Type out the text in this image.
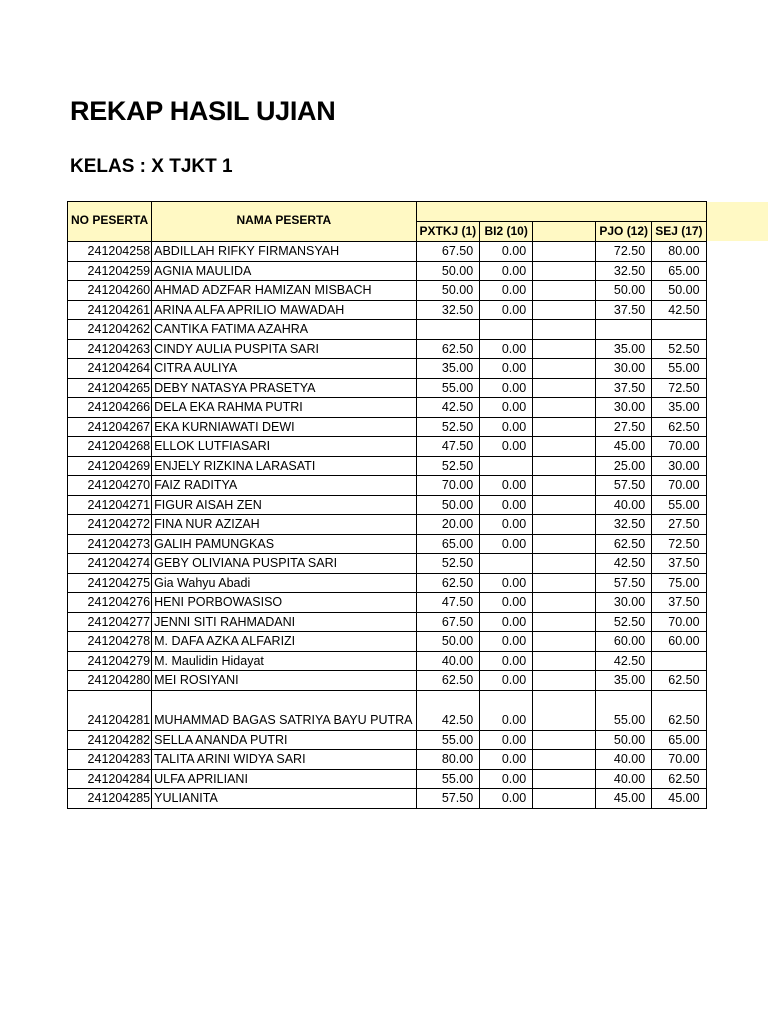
REKAP HASIL UJIAN
KELAS : X TJKT 1
NO PESERTA	NAMA PESERTA					
		PXTKJ (1)	BI2 (10)		PJO (12)	SEJ (17)
241204258	ABDILLAH RIFKY FIRMANSYAH	67.50	0.00		72.50	80.00
241204259	AGNIA MAULIDA	50.00	0.00		32.50	65.00
241204260	AHMAD ADZFAR HAMIZAN MISBACH	50.00	0.00		50.00	50.00
241204261	ARINA ALFA APRILIO MAWADAH	32.50	0.00		37.50	42.50
241204262	CANTIKA FATIMA AZAHRA					
241204263	CINDY AULIA PUSPITA SARI	62.50	0.00		35.00	52.50
241204264	CITRA AULIYA	35.00	0.00		30.00	55.00
241204265	DEBY NATASYA PRASETYA	55.00	0.00		37.50	72.50
241204266	DELA EKA RAHMA PUTRI	42.50	0.00		30.00	35.00
241204267	EKA KURNIAWATI DEWI	52.50	0.00		27.50	62.50
241204268	ELLOK LUTFIASARI	47.50	0.00		45.00	70.00
241204269	ENJELY RIZKINA LARASATI	52.50			25.00	30.00
241204270	FAIZ RADITYA	70.00	0.00		57.50	70.00
241204271	FIGUR AISAH ZEN	50.00	0.00		40.00	55.00
241204272	FINA NUR AZIZAH	20.00	0.00		32.50	27.50
241204273	GALIH PAMUNGKAS	65.00	0.00		62.50	72.50
241204274	GEBY OLIVIANA PUSPITA SARI	52.50			42.50	37.50
241204275	Gia Wahyu Abadi	62.50	0.00		57.50	75.00
241204276	HENI PORBOWASISO	47.50	0.00		30.00	37.50
241204277	JENNI SITI RAHMADANI	67.50	0.00		52.50	70.00
241204278	M. DAFA AZKA ALFARIZI	50.00	0.00		60.00	60.00
241204279	M. Maulidin Hidayat	40.00	0.00		42.50	
241204280	MEI ROSIYANI	62.50	0.00		35.00	62.50
241204281	MUHAMMAD BAGAS SATRIYA BAYU PUTRA	42.50	0.00		55.00	62.50
241204282	SELLA ANANDA PUTRI	55.00	0.00		50.00	65.00
241204283	TALITA ARINI WIDYA SARI	80.00	0.00		40.00	70.00
241204284	ULFA APRILIANI	55.00	0.00		40.00	62.50
241204285	YULIANITA	57.50	0.00		45.00	45.00
